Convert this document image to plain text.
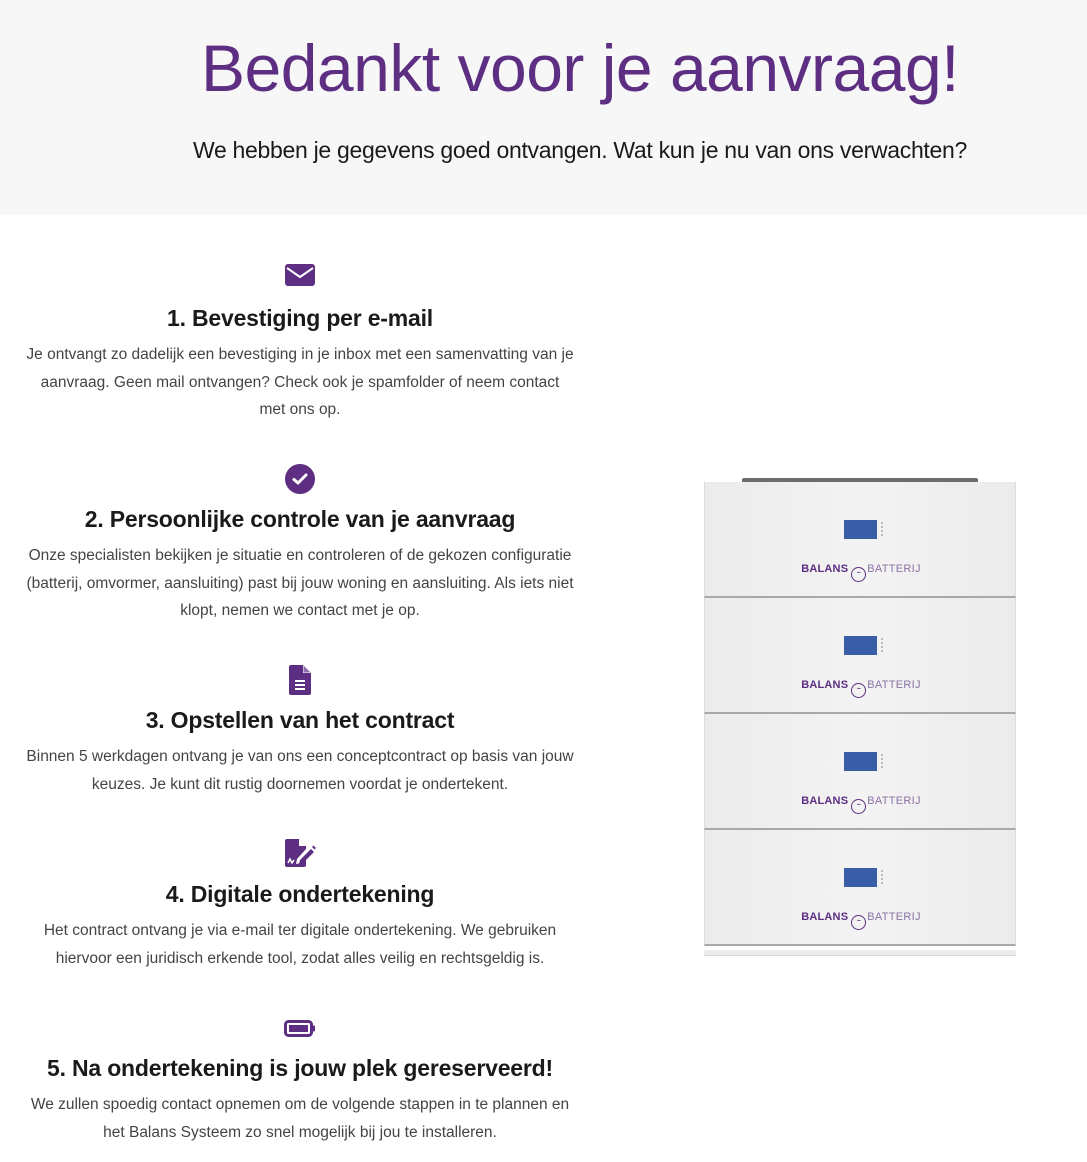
Bedankt voor je aanvraag!

We hebben je gegevens goed ontvangen. Wat kun je nu van ons verwachten?

1. Bevestiging per e-mail
Je ontvangt zo dadelijk een bevestiging in je inbox met een samenvatting van je aanvraag. Geen mail ontvangen? Check ook je spamfolder of neem contact met ons op.
2. Persoonlijke controle van je aanvraag
Onze specialisten bekijken je situatie en controleren of de gekozen configuratie (batterij, omvormer, aansluiting) past bij jouw woning en aansluiting. Als iets niet klopt, nemen we contact met je op.
3. Opstellen van het contract
Binnen 5 werkdagen ontvang je van ons een conceptcontract op basis van jouw keuzes. Je kunt dit rustig doornemen voordat je ondertekent.
4. Digitale ondertekening
Het contract ontvang je via e-mail ter digitale ondertekening. We gebruiken hiervoor een juridisch erkende tool, zodat alles veilig en rechtsgeldig is.
5. Na ondertekening is jouw plek gereserveerd!
We zullen spoedig contact opnemen om de volgende stappen in te plannen en het Balans Systeem zo snel mogelijk bij jou te installeren.
BALANS ~ BATTERIJ
BALANS ~ BATTERIJ
BALANS ~ BATTERIJ
BALANS ~ BATTERIJ
